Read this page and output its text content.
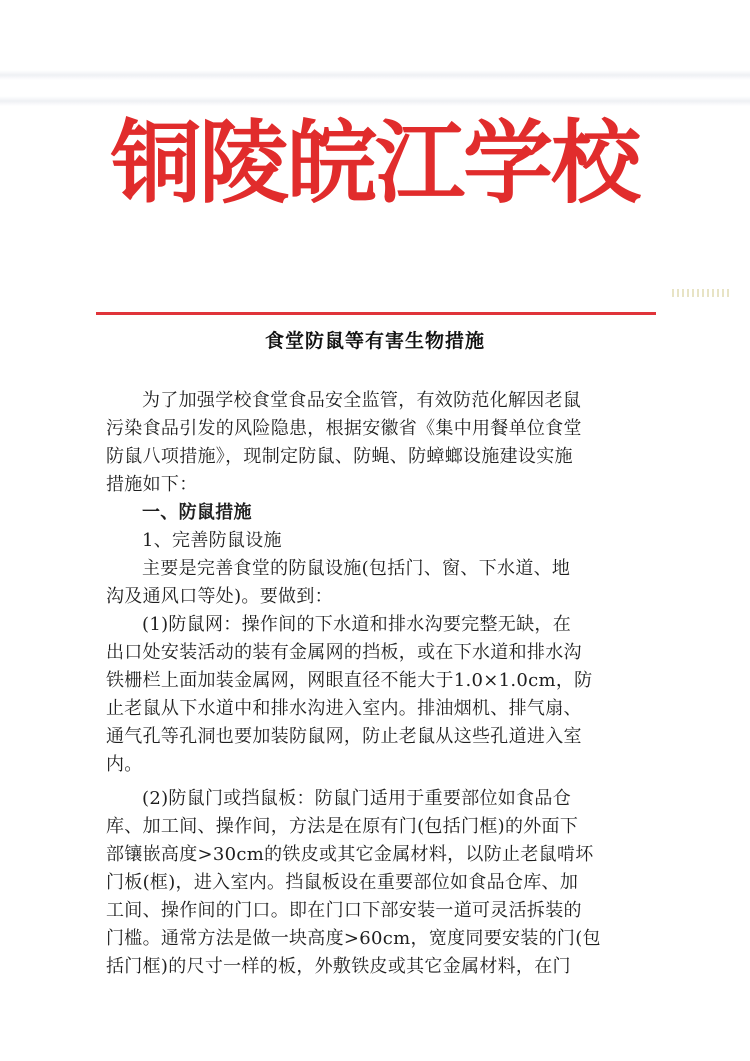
铜陵皖江学校
食堂防鼠等有害生物措施

为了加强学校食堂食品安全监管，有效防范化解因老鼠

污染食品引发的风险隐患，根据安徽省《集中用餐单位食堂

防鼠八项措施》，现制定防鼠、防蝇、防蟑螂设施建设实施

措施如下：

一、防鼠措施

1、完善防鼠设施

主要是完善食堂的防鼠设施(包括门、窗、下水道、地

沟及通风口等处)。要做到：

(1)防鼠网：操作间的下水道和排水沟要完整无缺，在

出口处安装活动的装有金属网的挡板，或在下水道和排水沟

铁栅栏上面加装金属网，网眼直径不能大于1.0×1.0cm，防

止老鼠从下水道中和排水沟进入室内。排油烟机、排气扇、

通气孔等孔洞也要加装防鼠网，防止老鼠从这些孔道进入室

内。

(2)防鼠门或挡鼠板：防鼠门适用于重要部位如食品仓

库、加工间、操作间，方法是在原有门(包括门框)的外面下

部镶嵌高度>30cm的铁皮或其它金属材料，以防止老鼠啃坏

门板(框)，进入室内。挡鼠板设在重要部位如食品仓库、加

工间、操作间的门口。即在门口下部安装一道可灵活拆装的

门槛。通常方法是做一块高度>60cm，宽度同要安装的门(包

括门框)的尺寸一样的板，外敷铁皮或其它金属材料，在门
